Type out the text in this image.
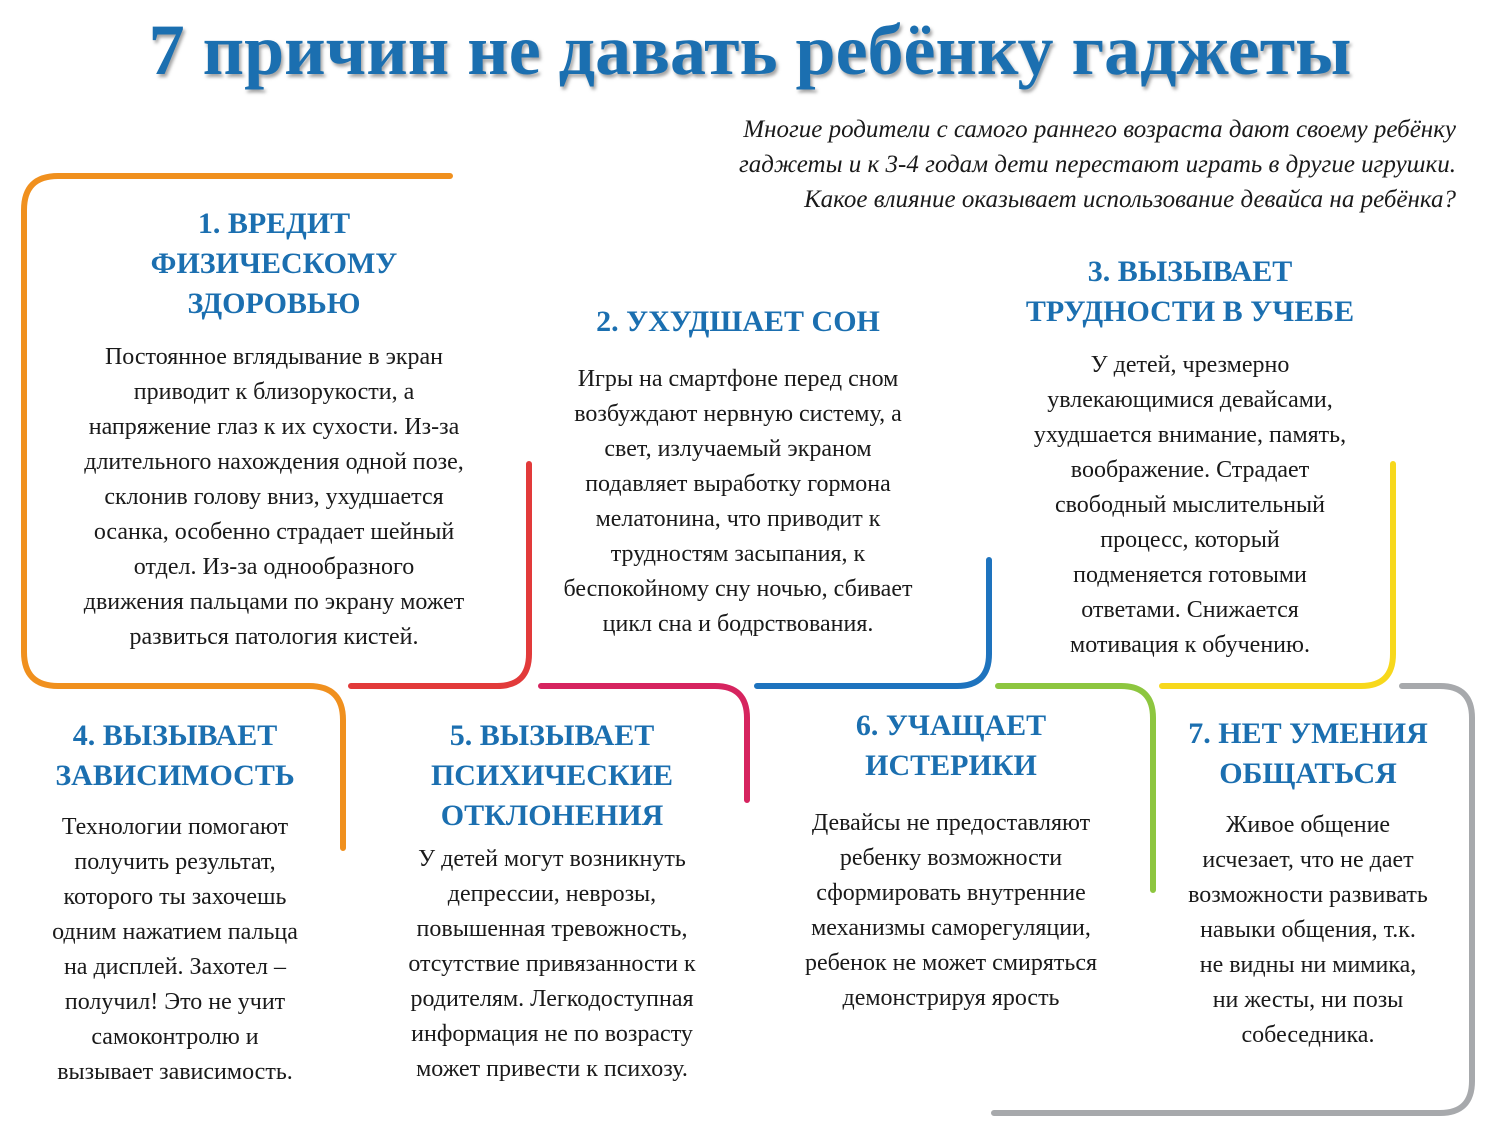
7 причин не давать ребёнку гаджеты
Многие родители с самого раннего возраста дают своему ребёнку
гаджеты и к 3-4 годам дети перестают играть в другие игрушки.
Какое влияние оказывает использование девайса на ребёнка?
1. ВРЕДИТ
ФИЗИЧЕСКОМУ
ЗДОРОВЬЮ
Постоянное вглядывание в экран
приводит к близорукости, а
напряжение глаз к их сухости. Из-за
длительного нахождения одной позе,
склонив голову вниз, ухудшается
осанка, особенно страдает шейный
отдел. Из-за однообразного
движения пальцами по экрану может
развиться патология кистей.
2. УХУДШАЕТ СОН
Игры на смартфоне перед сном
возбуждают нервную систему, а
свет, излучаемый экраном
подавляет выработку гормона
мелатонина, что приводит к
трудностям засыпания, к
беспокойному сну ночью, сбивает
цикл сна и бодрствования.
3. ВЫЗЫВАЕТ
ТРУДНОСТИ В УЧЕБЕ
У детей, чрезмерно
увлекающимися девайсами,
ухудшается внимание, память,
воображение. Страдает
свободный мыслительный
процесс, который
подменяется готовыми
ответами. Снижается
мотивация к обучению.
4. ВЫЗЫВАЕТ
ЗАВИСИМОСТЬ
Технологии помогают
получить результат,
которого ты захочешь
одним нажатием пальца
на дисплей. Захотел –
получил! Это не учит
самоконтролю и
вызывает зависимость.
5. ВЫЗЫВАЕТ
ПСИХИЧЕСКИЕ
ОТКЛОНЕНИЯ
У детей могут возникнуть
депрессии, неврозы,
повышенная тревожность,
отсутствие привязанности к
родителям. Легкодоступная
информация не по возрасту
может привести к психозу.
6. УЧАЩАЕТ
ИСТЕРИКИ
Девайсы не предоставляют
ребенку возможности
сформировать внутренние
механизмы саморегуляции,
ребенок не может смиряться
демонстрируя ярость
7. НЕТ УМЕНИЯ
ОБЩАТЬСЯ
Живое общение
исчезает, что не дает
возможности развивать
навыки общения, т.к.
не видны ни мимика,
ни жесты, ни позы
собеседника.
